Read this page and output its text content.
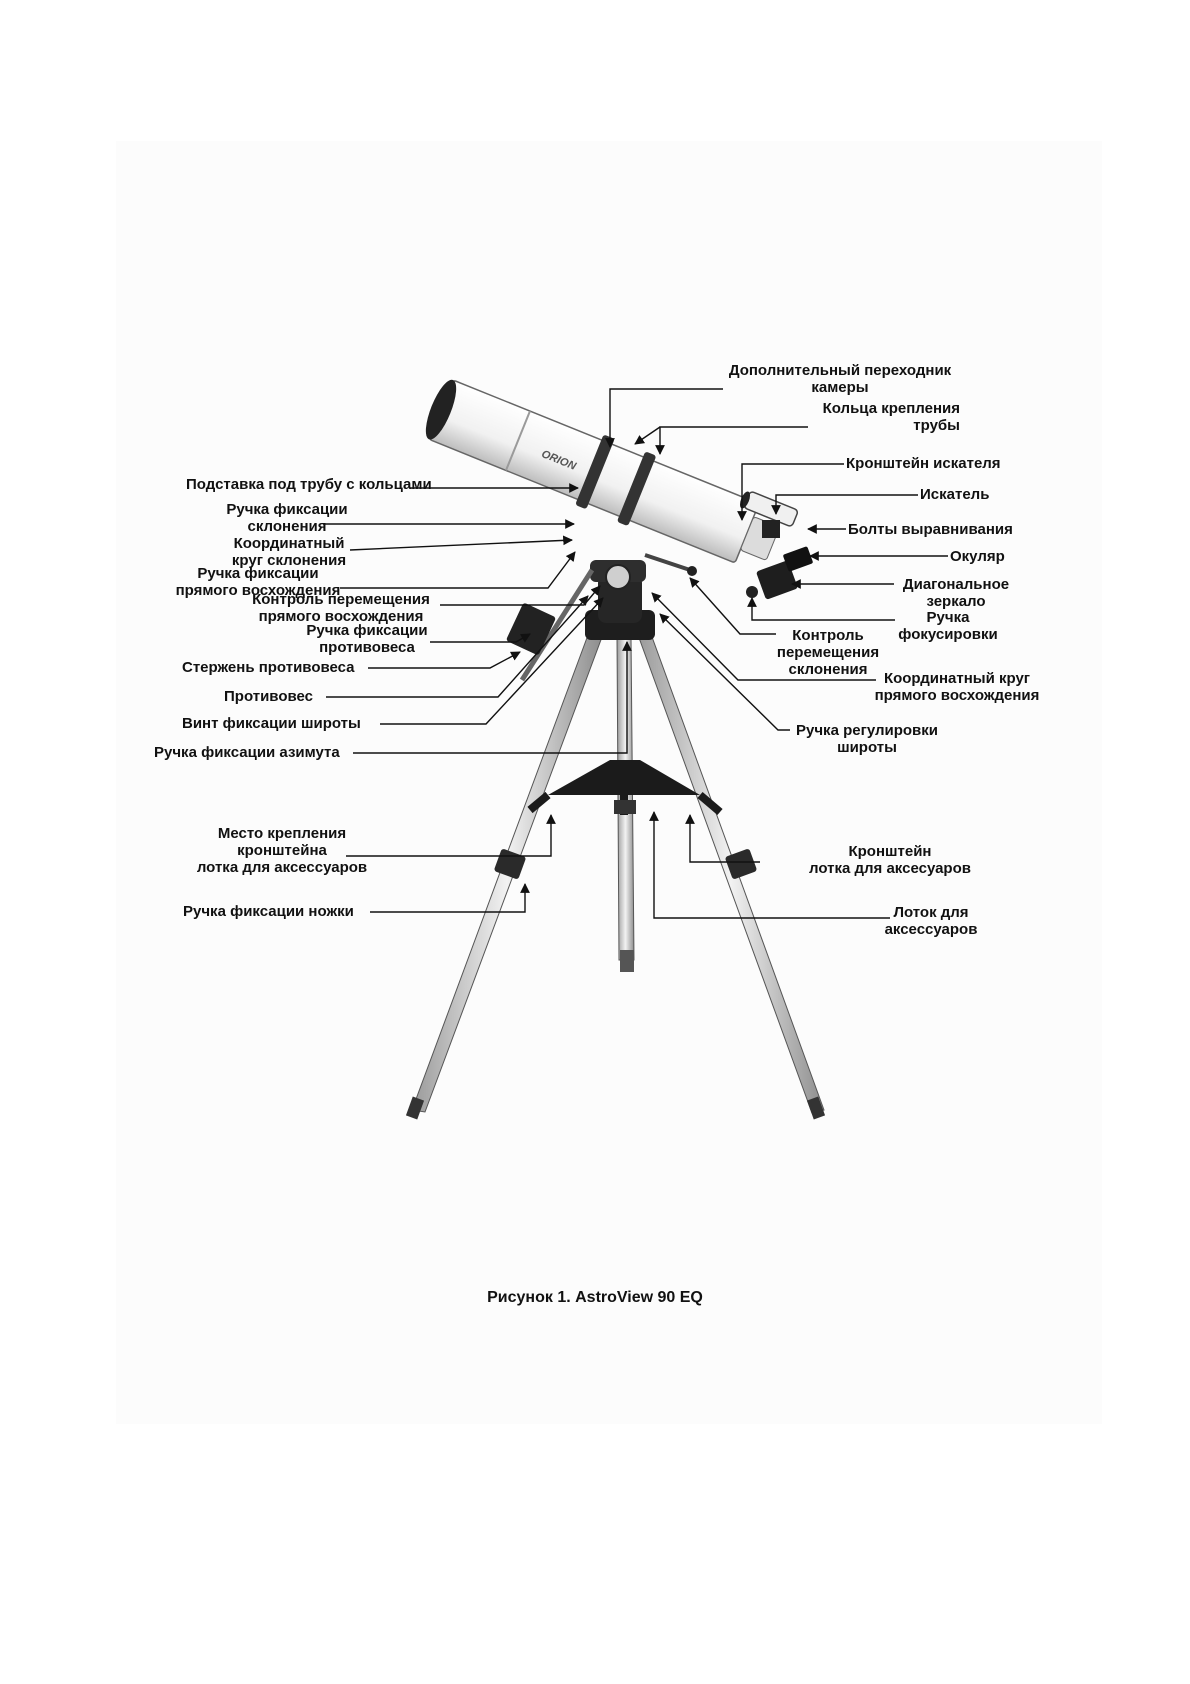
ORION
Дополнительный переходник
камеры
Кольца крепления
трубы
Кронштейн искателя
Искатель
Болты выравнивания
Окуляр
Диагональное
зеркало
Ручка
фокусировки
Контроль
перемещения
склонения
Координатный круг
прямого восхождения
Ручка регулировки
широты
Кронштейн
лотка для аксесуаров
Лоток для
аксессуаров
Подставка под трубу с кольцами
Ручка фиксации
склонения
Координатный
круг склонения
Ручка фиксации
прямого восхождения
Контроль перемещения
прямого восхождения
Ручка фиксации
противовеса
Стержень противовеса
Противовес
Винт фиксации широты
Ручка фиксации азимута
Место крепления
кронштейна
лотка для аксессуаров
Ручка фиксации ножки
Рисунок 1. AstroView 90 EQ
